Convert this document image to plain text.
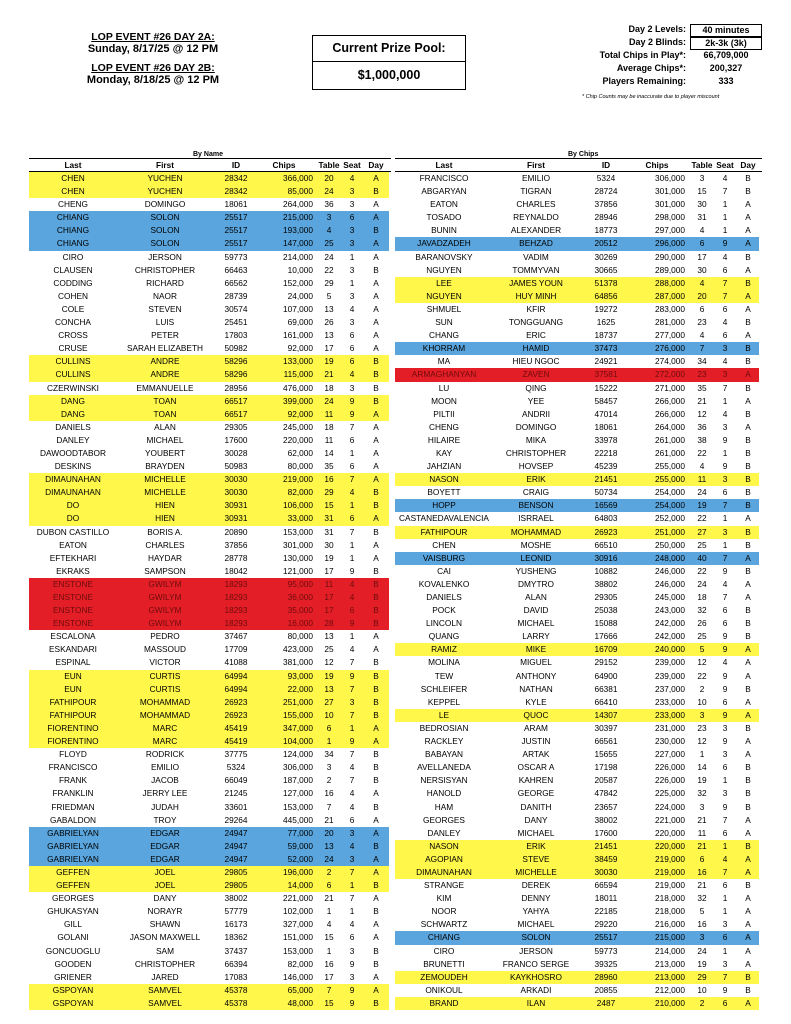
LOP EVENT #26 DAY 2A:
Sunday, 8/17/25 @ 12 PM
LOP EVENT #26 DAY 2B:
Monday, 8/18/25 @ 12 PM
Current Prize Pool:
$1,000,000
Day 2 Levels:	40 minutes
Day 2 Blinds:	2k-3k (3k)
Total Chips in Play*:	66,709,000
Average Chips*:	200,327
Players Remaining:	333
* Chip Counts may be inaccurate due to player miscount
By Name	By Chips
Last	First	ID	Chips	Table Seat Day
CHEN	YUCHEN	28342	366,000	20	4	A
CHEN	YUCHEN	28342	85,000	24	3	B
CHENG	DOMINGO	18061	264,000	36	3	A
CHIANG	SOLON	25517	215,000	3	6	A
CHIANG	SOLON	25517	193,000	4	3	B
CHIANG	SOLON	25517	147,000	25	3	A
CIRO	JERSON	59773	214,000	24	1	A
CLAUSEN	CHRISTOPHER	66463	10,000	22	3	B
CODDING	RICHARD	66562	152,000	29	1	A
COHEN	NAOR	28739	24,000	5	3	A
COLE	STEVEN	30574	107,000	13	4	A
CONCHA	LUIS	25451	69,000	26	3	A
CROSS	PETER	17803	161,000	13	6	A
CRUSE	SARAH ELIZABETH	50982	92,000	17	6	A
CULLINS	ANDRE	58296	133,000	19	6	B
CULLINS	ANDRE	58296	115,000	21	4	B
CZERWINSKI	EMMANUELLE	28956	476,000	18	3	B
DANG	TOAN	66517	399,000	24	9	B
DANG	TOAN	66517	92,000	11	9	A
DANIELS	ALAN	29305	245,000	18	7	A
DANLEY	MICHAEL	17600	220,000	11	6	A
DAWOODTABOR	YOUBERT	30028	62,000	14	1	A
DESKINS	BRAYDEN	50983	80,000	35	6	A
DIMAUNAHAN	MICHELLE	30030	219,000	16	7	A
DIMAUNAHAN	MICHELLE	30030	82,000	29	4	B
DO	HIEN	30931	106,000	15	1	B
DO	HIEN	30931	33,000	31	6	A
DUBON CASTILLO	BORIS A.	20890	153,000	31	7	B
EATON	CHARLES	37856	301,000	30	1	A
EFTEKHARI	HAYDAR	28778	130,000	19	1	A
EKRAKS	SAMPSON	18042	121,000	17	9	B
ENSTONE	GWILYM	18293	95,000	11	4	B
ENSTONE	GWILYM	18293	36,000	17	4	B
ENSTONE	GWILYM	18293	35,000	17	6	B
ENSTONE	GWILYM	18293	16,000	28	9	B
ESCALONA	PEDRO	37467	80,000	13	1	A
ESKANDARI	MASSOUD	17709	423,000	25	4	A
ESPINAL	VICTOR	41088	381,000	12	7	B
EUN	CURTIS	64994	93,000	19	9	B
EUN	CURTIS	64994	22,000	13	7	B
FATHIPOUR	MOHAMMAD	26923	251,000	27	3	B
FATHIPOUR	MOHAMMAD	26923	155,000	10	7	B
FIORENTINO	MARC	45419	347,000	6	1	A
FIORENTINO	MARC	45419	104,000	1	9	A
FLOYD	RODRICK	37775	124,000	34	7	B
FRANCISCO	EMILIO	5324	306,000	3	4	B
FRANK	JACOB	66049	187,000	2	7	B
FRANKLIN	JERRY LEE	21245	127,000	16	4	A
FRIEDMAN	JUDAH	33601	153,000	7	4	B
GABALDON	TROY	29264	445,000	21	6	A
GABRIELYAN	EDGAR	24947	77,000	20	3	A
GABRIELYAN	EDGAR	24947	59,000	13	4	B
GABRIELYAN	EDGAR	24947	52,000	24	3	A
GEFFEN	JOEL	29805	196,000	2	7	A
GEFFEN	JOEL	29805	14,000	6	1	B
GEORGES	DANY	38002	221,000	21	7	A
GHUKASYAN	NORAYR	57779	102,000	1	1	B
GILL	SHAWN	16173	327,000	4	4	A
GOLANI	JASON MAXWELL	18362	151,000	15	6	A
GONCUOGLU	SAM	37437	153,000	1	3	B
GOODEN	CHRISTOPHER	66394	82,000	16	9	B
GRIENER	JARED	17083	146,000	17	3	A
GSPOYAN	SAMVEL	45378	65,000	7	9	A
GSPOYAN	SAMVEL	45378	48,000	15	9	B
Last	First	ID	Chips	Table Seat Day
FRANCISCO	EMILIO	5324	306,000	3	4	B
ABGARYAN	TIGRAN	28724	301,000	15	7	B
EATON	CHARLES	37856	301,000	30	1	A
TOSADO	REYNALDO	28946	298,000	31	1	A
BUNIN	ALEXANDER	18773	297,000	4	1	A
JAVADZADEH	BEHZAD	20512	296,000	6	9	A
BARANOVSKY	VADIM	30269	290,000	17	4	B
NGUYEN	TOMMYVAN	30665	289,000	30	6	A
LEE	JAMES YOUN	51378	288,000	4	7	B
NGUYEN	HUY MINH	64856	287,000	20	7	A
SHMUEL	KFIR	19272	283,000	6	6	A
SUN	TONGGUANG	1625	281,000	23	4	B
CHANG	ERIC	18737	277,000	4	6	A
KHORRAM	HAMID	37473	276,000	7	3	B
MA	HIEU NGOC	24921	274,000	34	4	B
ARMAGHANYAN	ZAVEN	37581	272,000	23	3	A
LU	QING	15222	271,000	35	7	B
MOON	YEE	58457	266,000	21	1	A
PILTII	ANDRII	47014	266,000	12	4	B
CHENG	DOMINGO	18061	264,000	36	3	A
HILAIRE	MIKA	33978	261,000	38	9	B
KAY	CHRISTOPHER	22218	261,000	22	1	B
JAHZIAN	HOVSEP	45239	255,000	4	9	B
NASON	ERIK	21451	255,000	11	3	B
BOYETT	CRAIG	50734	254,000	24	6	B
HOPP	BENSON	16569	254,000	19	7	B
CASTANEDAVALENCIA	ISRRAEL	64803	252,000	22	1	A
FATHIPOUR	MOHAMMAD	26923	251,000	27	3	B
CHEN	MOSHE	66510	250,000	25	1	B
VAISBURG	LEONID	30916	248,000	40	7	A
CAI	YUSHENG	10882	246,000	22	9	B
KOVALENKO	DMYTRO	38802	246,000	24	4	A
DANIELS	ALAN	29305	245,000	18	7	A
POCK	DAVID	25038	243,000	32	6	B
LINCOLN	MICHAEL	15088	242,000	26	6	B
QUANG	LARRY	17666	242,000	25	9	B
RAMIZ	MIKE	16709	240,000	5	9	A
MOLINA	MIGUEL	29152	239,000	12	4	A
TEW	ANTHONY	64900	239,000	22	9	A
SCHLEIFER	NATHAN	66381	237,000	2	9	B
KEPPEL	KYLE	66410	233,000	10	6	A
LE	QUOC	14307	233,000	3	9	A
BEDROSIAN	ARAM	30397	231,000	23	3	B
RACKLEY	JUSTIN	66561	230,000	12	9	A
BABAYAN	ARTAK	15655	227,000	1	3	A
AVELLANEDA	OSCAR A	17198	226,000	14	6	B
NERSISYAN	KAHREN	20587	226,000	19	1	B
HANOLD	GEORGE	47842	225,000	32	3	B
HAM	DANITH	23657	224,000	3	9	B
GEORGES	DANY	38002	221,000	21	7	A
DANLEY	MICHAEL	17600	220,000	11	6	A
NASON	ERIK	21451	220,000	21	1	B
AGOPIAN	STEVE	38459	219,000	6	4	A
DIMAUNAHAN	MICHELLE	30030	219,000	16	7	A
STRANGE	DEREK	66594	219,000	21	6	B
KIM	DENNY	18011	218,000	32	1	A
NOOR	YAHYA	22185	218,000	5	1	A
SCHWARTZ	MICHAEL	29220	216,000	16	3	A
CHIANG	SOLON	25517	215,000	3	6	A
CIRO	JERSON	59773	214,000	24	1	A
BRUNETTI	FRANCO SERGE	39325	213,000	19	3	A
ZEMOUDEH	KAYKHOSRO	28960	213,000	29	7	B
ONIKOUL	ARKADI	20855	212,000	10	9	B
BRAND	ILAN	2487	210,000	2	6	A
